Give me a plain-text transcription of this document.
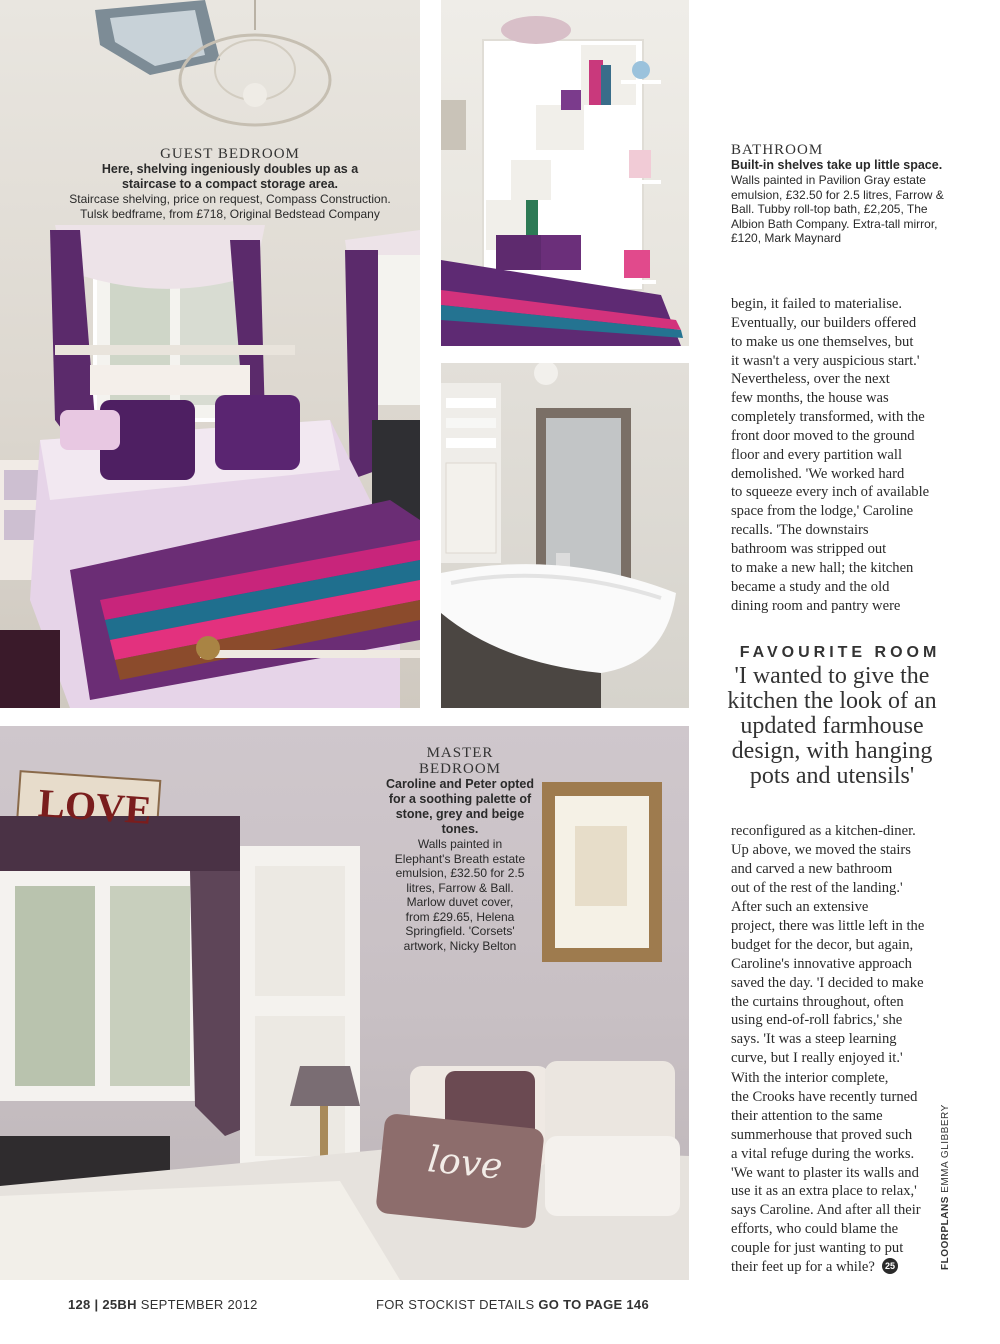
GUEST BEDROOM
Here, shelving ingeniously doubles up as a staircase to a compact storage area.
Staircase shelving, price on request, Compass Construction. Tulsk bedframe, from £718, Original Bedstead Company
BATHROOM
Built-in shelves take up little space.
Walls painted in Pavilion Gray estate emulsion, £32.50 for 2.5 litres, Farrow & Ball. Tubby roll-top bath, £2,205, The Albion Bath Company. Extra-tall mirror, £120, Mark Maynard
LOVE
love
MASTER BEDROOM
Caroline and Peter opted for a soothing palette of stone, grey and beige tones.
Walls painted in Elephant's Breath estate emulsion, £32.50 for 2.5 litres, Farrow & Ball. Marlow duvet cover, from £29.65, Helena Springfield. 'Corsets' artwork, Nicky Belton
begin, it failed to materialise.
Eventually, our builders offered
to make us one themselves, but
it wasn't a very auspicious start.'
Nevertheless, over the next
few months, the house was
completely transformed, with the
front door moved to the ground
floor and every partition wall
demolished. 'We worked hard
to squeeze every inch of available
space from the lodge,' Caroline
recalls. 'The downstairs
bathroom was stripped out
to make a new hall; the kitchen
became a study and the old
dining room and pantry were
FAVOURITE ROOM
'I wanted to give the kitchen the look of an updated farmhouse design, with hanging pots and utensils'
reconfigured as a kitchen-diner.
Up above, we moved the stairs
and carved a new bathroom
out of the rest of the landing.'
After such an extensive
project, there was little left in the
budget for the decor, but again,
Caroline's innovative approach
saved the day. 'I decided to make
the curtains throughout, often
using end-of-roll fabrics,' she
says. 'It was a steep learning
curve, but I really enjoyed it.'
With the interior complete,
the Crooks have recently turned
their attention to the same
summerhouse that proved such
a vital refuge during the works.
'We want to plaster its walls and
use it as an extra place to relax,'
says Caroline. And after all their
efforts, who could blame the
couple for just wanting to put
their feet up for a while?	25	FLOORPLANS EMMA GLIBBERY
128 | 25BH SEPTEMBER 2012	FOR STOCKIST DETAILS GO TO PAGE 146
